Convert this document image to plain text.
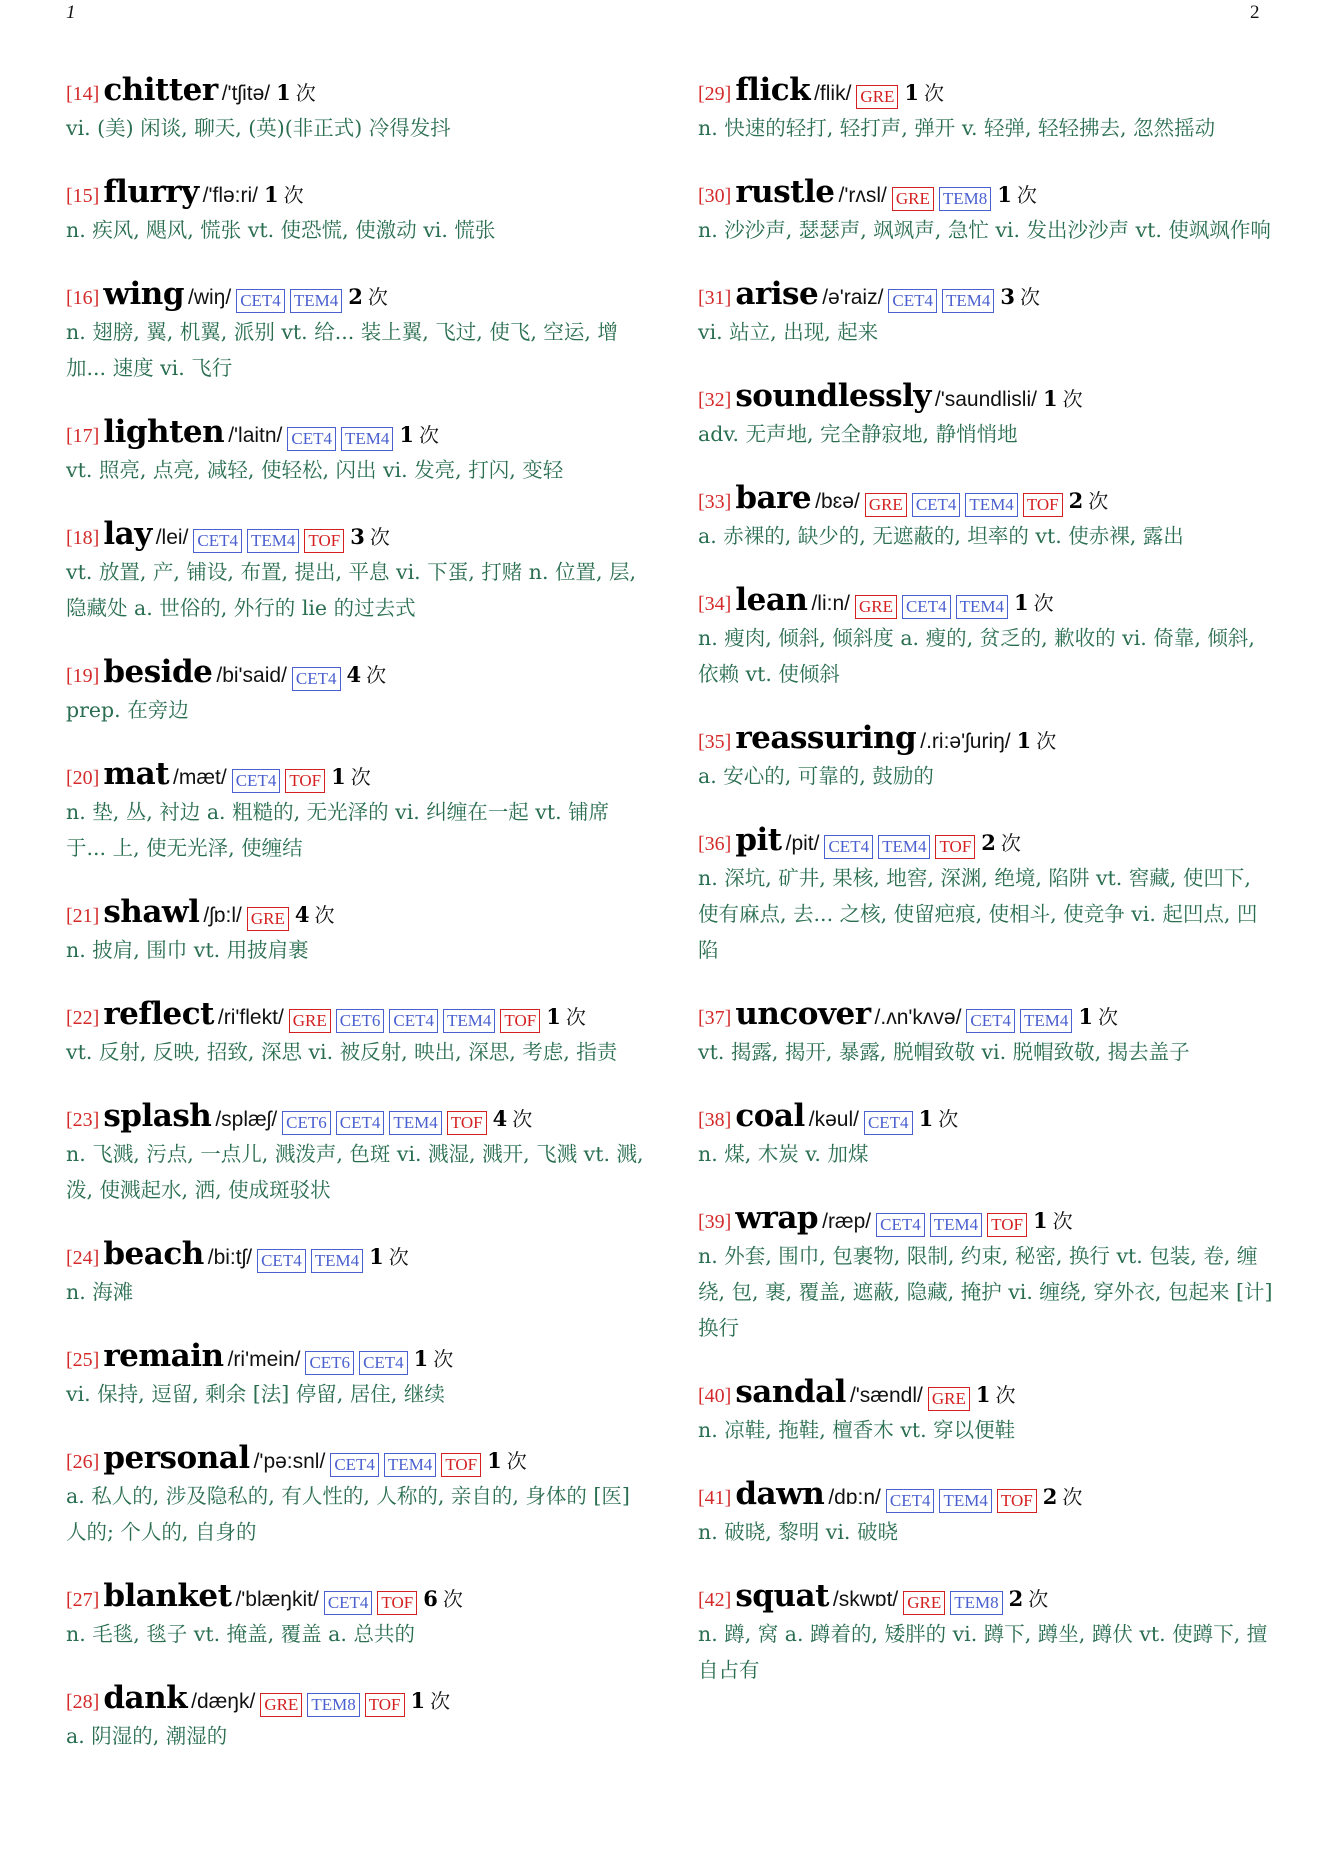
1	2
[14] chitter /'tʃitə/ 1 次
vi. (美) 闲谈, 聊天, (英)(非正式) 冷得发抖
[15] flurry /'flə:ri/ 1 次
n. 疾风, 飓风, 慌张 vt. 使恐慌, 使激动 vi. 慌张
[16] wing /wiŋ/ CET4 TEM4 2 次
n. 翅膀, 翼, 机翼, 派别 vt. 给... 装上翼, 飞过, 使飞, 空运, 增加... 速度 vi. 飞行
[17] lighten /'laitn/ CET4 TEM4 1 次
vt. 照亮, 点亮, 减轻, 使轻松, 闪出 vi. 发亮, 打闪, 变轻
[18] lay /lei/ CET4 TEM4 TOF 3 次
vt. 放置, 产, 铺设, 布置, 提出, 平息 vi. 下蛋, 打赌 n. 位置, 层, 隐藏处 a. 世俗的, 外行的 lie 的过去式
[19] beside /bi'said/ CET4 4 次
prep. 在旁边
[20] mat /mæt/ CET4 TOF 1 次
n. 垫, 丛, 衬边 a. 粗糙的, 无光泽的 vi. 纠缠在一起 vt. 铺席于... 上, 使无光泽, 使缠结
[21] shawl /ʃɒ:l/ GRE 4 次
n. 披肩, 围巾 vt. 用披肩裹
[22] reflect /ri'flekt/ GRE CET6 CET4 TEM4 TOF 1 次
vt. 反射, 反映, 招致, 深思 vi. 被反射, 映出, 深思, 考虑, 指责
[23] splash /splæʃ/ CET6 CET4 TEM4 TOF 4 次
n. 飞溅, 污点, 一点儿, 溅泼声, 色斑 vi. 溅湿, 溅开, 飞溅 vt. 溅, 泼, 使溅起水, 洒, 使成斑驳状
[24] beach /bi:tʃ/ CET4 TEM4 1 次
n. 海滩
[25] remain /ri'mein/ CET6 CET4 1 次
vi. 保持, 逗留, 剩余 [法] 停留, 居住, 继续
[26] personal /'pə:snl/ CET4 TEM4 TOF 1 次
a. 私人的, 涉及隐私的, 有人性的, 人称的, 亲自的, 身体的 [医] 人的; 个人的, 自身的
[27] blanket /'blæŋkit/ CET4 TOF 6 次
n. 毛毯, 毯子 vt. 掩盖, 覆盖 a. 总共的
[28] dank /dæŋk/ GRE TEM8 TOF 1 次
a. 阴湿的, 潮湿的
[29] flick /flik/ GRE 1 次
n. 快速的轻打, 轻打声, 弹开 v. 轻弹, 轻轻拂去, 忽然摇动
[30] rustle /'rʌsl/ GRE TEM8 1 次
n. 沙沙声, 瑟瑟声, 飒飒声, 急忙 vi. 发出沙沙声 vt. 使飒飒作响
[31] arise /ə'raiz/ CET4 TEM4 3 次
vi. 站立, 出现, 起来
[32] soundlessly /'saundlisli/ 1 次
adv. 无声地, 完全静寂地, 静悄悄地
[33] bare /bɛə/ GRE CET4 TEM4 TOF 2 次
a. 赤裸的, 缺少的, 无遮蔽的, 坦率的 vt. 使赤裸, 露出
[34] lean /li:n/ GRE CET4 TEM4 1 次
n. 瘦肉, 倾斜, 倾斜度 a. 瘦的, 贫乏的, 歉收的 vi. 倚靠, 倾斜, 依赖 vt. 使倾斜
[35] reassuring /.ri:ə'ʃuriŋ/ 1 次
a. 安心的, 可靠的, 鼓励的
[36] pit /pit/ CET4 TEM4 TOF 2 次
n. 深坑, 矿井, 果核, 地窖, 深渊, 绝境, 陷阱 vt. 窖藏, 使凹下, 使有麻点, 去... 之核, 使留疤痕, 使相斗, 使竞争 vi. 起凹点, 凹陷
[37] uncover /.ʌn'kʌvə/ CET4 TEM4 1 次
vt. 揭露, 揭开, 暴露, 脱帽致敬 vi. 脱帽致敬, 揭去盖子
[38] coal /kəul/ CET4 1 次
n. 煤, 木炭 v. 加煤
[39] wrap /ræp/ CET4 TEM4 TOF 1 次
n. 外套, 围巾, 包裹物, 限制, 约束, 秘密, 换行 vt. 包装, 卷, 缠绕, 包, 裹, 覆盖, 遮蔽, 隐藏, 掩护 vi. 缠绕, 穿外衣, 包起来 [计] 换行
[40] sandal /'sændl/ GRE 1 次
n. 凉鞋, 拖鞋, 檀香木 vt. 穿以便鞋
[41] dawn /dɒ:n/ CET4 TEM4 TOF 2 次
n. 破晓, 黎明 vi. 破晓
[42] squat /skwɒt/ GRE TEM8 2 次
n. 蹲, 窝 a. 蹲着的, 矮胖的 vi. 蹲下, 蹲坐, 蹲伏 vt. 使蹲下, 擅自占有
